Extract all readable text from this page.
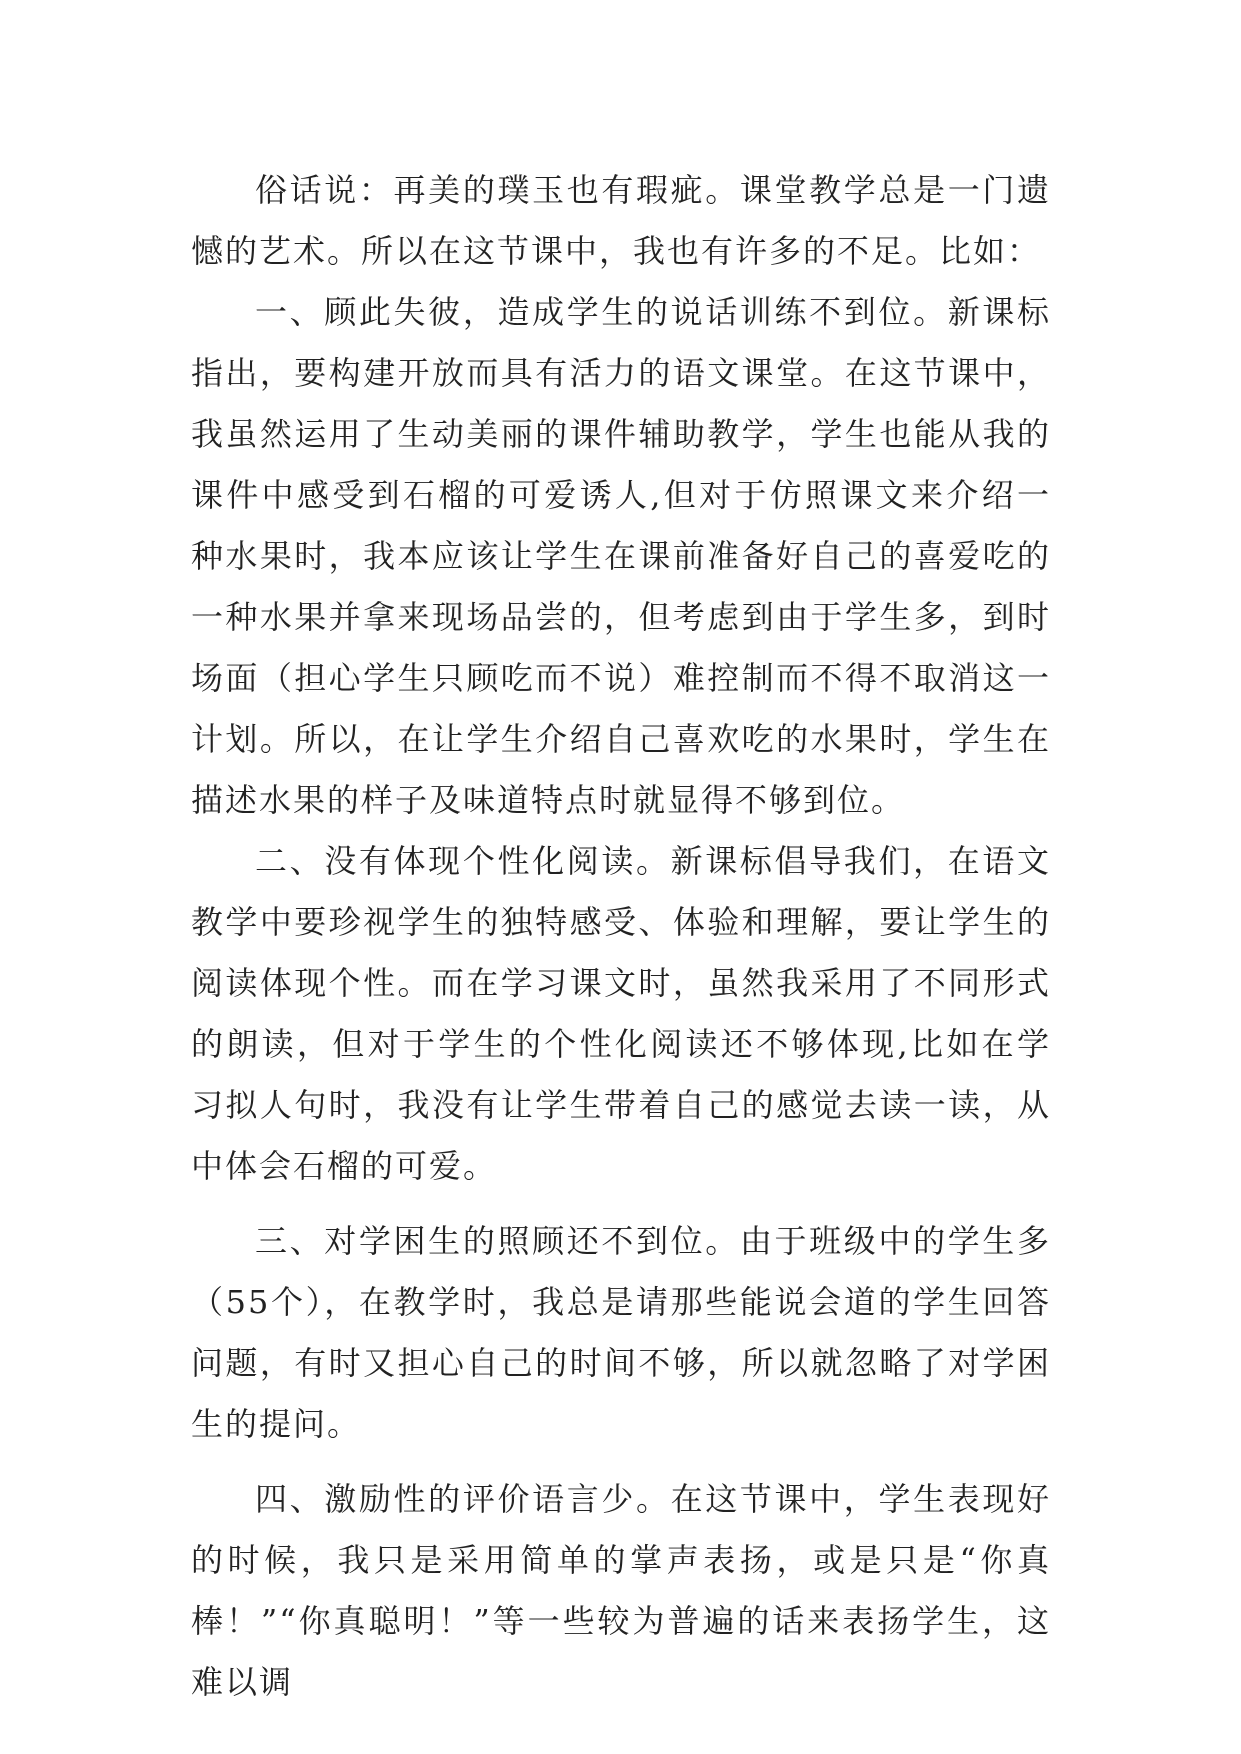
俗话说：再美的璞玉也有瑕疵。课堂教学总是一门遗憾的艺术。所以在这节课中，我也有许多的不足。比如：

一、顾此失彼，造成学生的说话训练不到位。新课标指出，要构建开放而具有活力的语文课堂。在这节课中，我虽然运用了生动美丽的课件辅助教学，学生也能从我的课件中感受到石榴的可爱诱人,但对于仿照课文来介绍一种水果时，我本应该让学生在课前准备好自己的喜爱吃的一种水果并拿来现场品尝的，但考虑到由于学生多，到时场面（担心学生只顾吃而不说）难控制而不得不取消这一计划。所以，在让学生介绍自己喜欢吃的水果时，学生在描述水果的样子及味道特点时就显得不够到位。

二、没有体现个性化阅读。新课标倡导我们，在语文教学中要珍视学生的独特感受、体验和理解，要让学生的阅读体现个性。而在学习课文时，虽然我采用了不同形式的朗读，但对于学生的个性化阅读还不够体现,比如在学习拟人句时，我没有让学生带着自己的感觉去读一读，从中体会石榴的可爱。

三、对学困生的照顾还不到位。由于班级中的学生多（55个），在教学时，我总是请那些能说会道的学生回答问题，有时又担心自己的时间不够，所以就忽略了对学困生的提问。

四、激励性的评价语言少。在这节课中，学生表现好的时候，我只是采用简单的掌声表扬，或是只是“你真棒！”“你真聪明！”等一些较为普遍的话来表扬学生，这难以调
